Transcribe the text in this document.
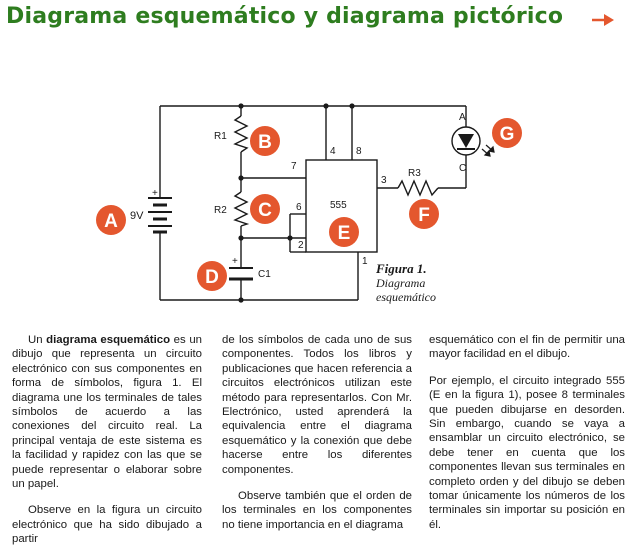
Diagrama esquemático y diagrama pictórico
+
9V
+
C1
555
7
4 8
6
2
3
1
R1
R2
R3
A
C
A
B
C
D
E
F
G
Figura 1.
Diagrama
esquemático

Un diagrama esquemático es un dibujo que representa un circuito electrónico con sus componentes en forma de símbolos, figura 1. El diagrama une los terminales de tales símbolos de acuerdo a las conexiones del circuito real. La principal ventaja de este sistema es la facilidad y rapidez con las que se puede representar o elaborar sobre un papel.

Observe en la figura un circuito electrónico que ha sido dibujado a partir

de los símbolos de cada uno de sus componentes. Todos los libros y publicaciones que hacen referencia a circuitos electrónicos utilizan este método para representarlos. Con Mr. Electrónico, usted aprenderá la equivalencia entre el diagrama esquemático y la conexión que debe hacerse entre los diferentes componentes.

Observe también que el orden de los terminales en los componentes no tiene importancia en el diagrama

esquemático con el fin de permitir una mayor facilidad en el dibujo.

Por ejemplo, el circuito integrado 555 (E en la figura 1), posee 8 terminales que pueden dibujarse en desorden. Sin embargo, cuando se vaya a ensamblar un circuito electrónico, se debe tener en cuenta que los componentes llevan sus terminales en completo orden y del dibujo se deben tomar únicamente los números de los terminales sin importar su posición en él.
